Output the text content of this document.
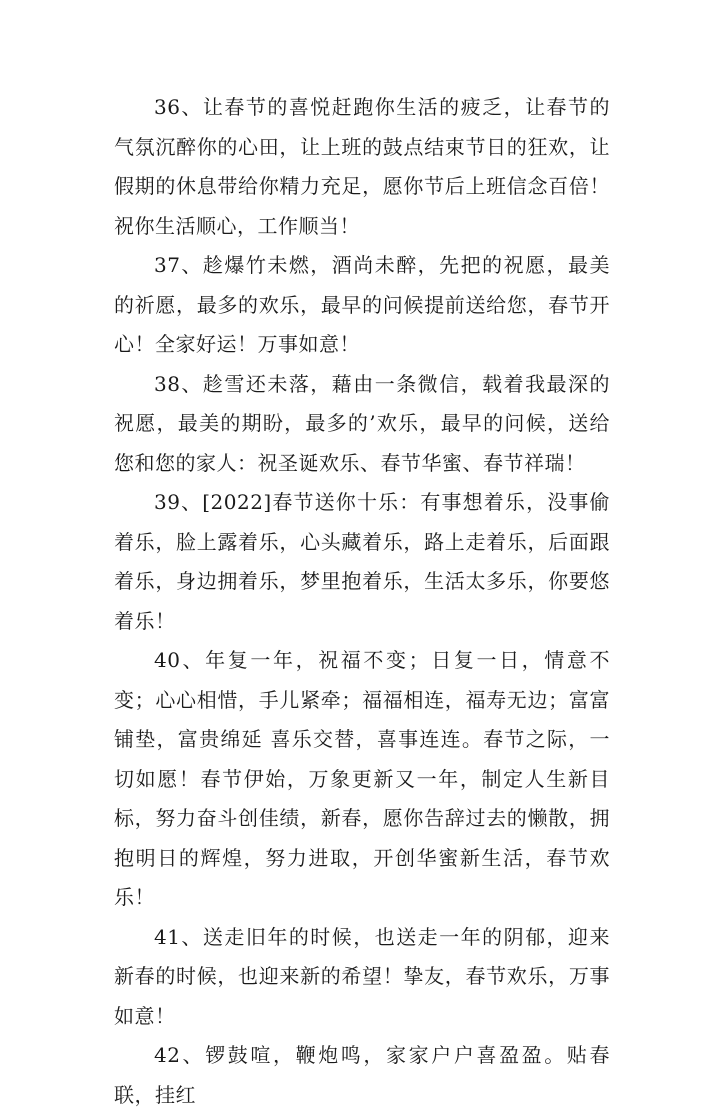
36、让春节的喜悦赶跑你生活的疲乏，让春节的气氛沉醉你的心田，让上班的鼓点结束节日的狂欢，让假期的休息带给你精力充足，愿你节后上班信念百倍！祝你生活顺心，工作顺当！

37、趁爆竹未燃，酒尚未醉，先把的祝愿，最美的祈愿，最多的欢乐，最早的问候提前送给您，春节开心！全家好运！万事如意！

38、趁雪还未落，藉由一条微信，载着我最深的祝愿，最美的期盼，最多的’欢乐，最早的问候，送给您和您的家人：祝圣诞欢乐、春节华蜜、春节祥瑞！

39、[2022]春节送你十乐：有事想着乐，没事偷着乐，脸上露着乐，心头藏着乐，路上走着乐，后面跟着乐，身边拥着乐，梦里抱着乐，生活太多乐，你要悠着乐！

40、年复一年，祝福不变；日复一日，情意不变；心心相惜，手儿紧牵；福福相连，福寿无边；富富铺垫，富贵绵延 喜乐交替，喜事连连。春节之际，一切如愿！春节伊始，万象更新又一年，制定人生新目标，努力奋斗创佳绩，新春，愿你告辞过去的懒散，拥抱明日的辉煌，努力进取，开创华蜜新生活，春节欢乐！

41、送走旧年的时候，也送走一年的阴郁，迎来新春的时候，也迎来新的希望！挚友，春节欢乐，万事如意！

42、锣鼓喧，鞭炮鸣，家家户户喜盈盈。贴春联，挂红
